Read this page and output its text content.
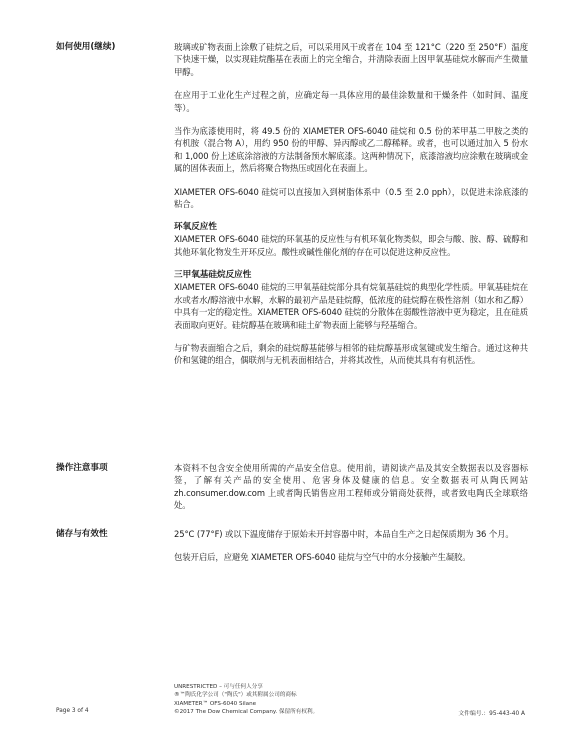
如何使用(继续)	玻璃或矿物表面上涂敷了硅烷之后，可以采用风干或者在 104 至 121°C（220 至 250°F）温度下快速干燥，以实现硅烷酯基在表面上的完全缩合，并清除表面上因甲氧基硅烷水解而产生微量甲醇。

在应用于工业化生产过程之前，应确定每一具体应用的最佳涂数量和干燥条件（如时间、温度等）。

当作为底漆使用时，将 49.5 份的 XIAMETER OFS-6040 硅烷和 0.5 份的苯甲基二甲胺之类的有机胺（混合物 A），用约 950 份的甲醇、异丙醇或乙二醇稀释。或者，也可以通过加入 5 份水和 1,000 份上述底涂溶液的方法制备预水解底漆。这两种情况下，底漆溶液均应涂敷在玻璃或金属的固体表面上，然后将聚合物热压或固化在表面上。

XIAMETER OFS-6040 硅烷可以直接加入到树脂体系中（0.5 至 2.0 pph），以促进未涂底漆的粘合。

环氧反应性

XIAMETER OFS-6040 硅烷的环氧基的反应性与有机环氧化物类似，即会与酸、胺、醇、硫醇和其他环氧化物发生开环反应。酸性或碱性催化剂的存在可以促进这种反应性。

三甲氧基硅烷反应性

XIAMETER OFS-6040 硅烷的三甲氧基硅烷部分具有烷氧基硅烷的典型化学性质。甲氧基硅烷在水或者水/醇溶液中水解，水解的最初产品是硅烷醇，低浓度的硅烷醇在极性溶剂（如水和乙醇）中具有一定的稳定性。XIAMETER OFS-6040 硅烷的分散体在弱酸性溶液中更为稳定，且在硅质表面取向更好。硅烷醇基在玻璃和硅土矿物表面上能够与羟基缩合。

与矿物表面缩合之后，剩余的硅烷醇基能够与相邻的硅烷醇基形成氢键或发生缩合。通过这种共价和氢键的组合，偶联剂与无机表面相结合，并将其改性，从而使其具有有机活性。

操作注意事项	本资料不包含安全使用所需的产品安全信息。使用前，请阅读产品及其安全数据表以及容器标签，了解有关产品的安全使用、危害身体及健康的信息。安全数据表可从陶氏网站 zh.consumer.dow.com 上或者陶氏销售应用工程师或分销商处获得，或者致电陶氏全球联络处。

储存与有效性	25°C (77°F) 或以下温度储存于原始未开封容器中时，本品自生产之日起保质期为 36 个月。

包装开启后，应避免 XIAMETER OFS-6040 硅烷与空气中的水分接触产生凝胶。

UNRESTRICTED – 可与任何人分享
®™陶氏化学公司（"陶氏"）或其附属公司的商标
XIAMETER™ OFS-6040 Silane
©2017 The Dow Chemical Company. 保留所有权利。
Page 3 of 4	文件编号.：95-443-40 A
